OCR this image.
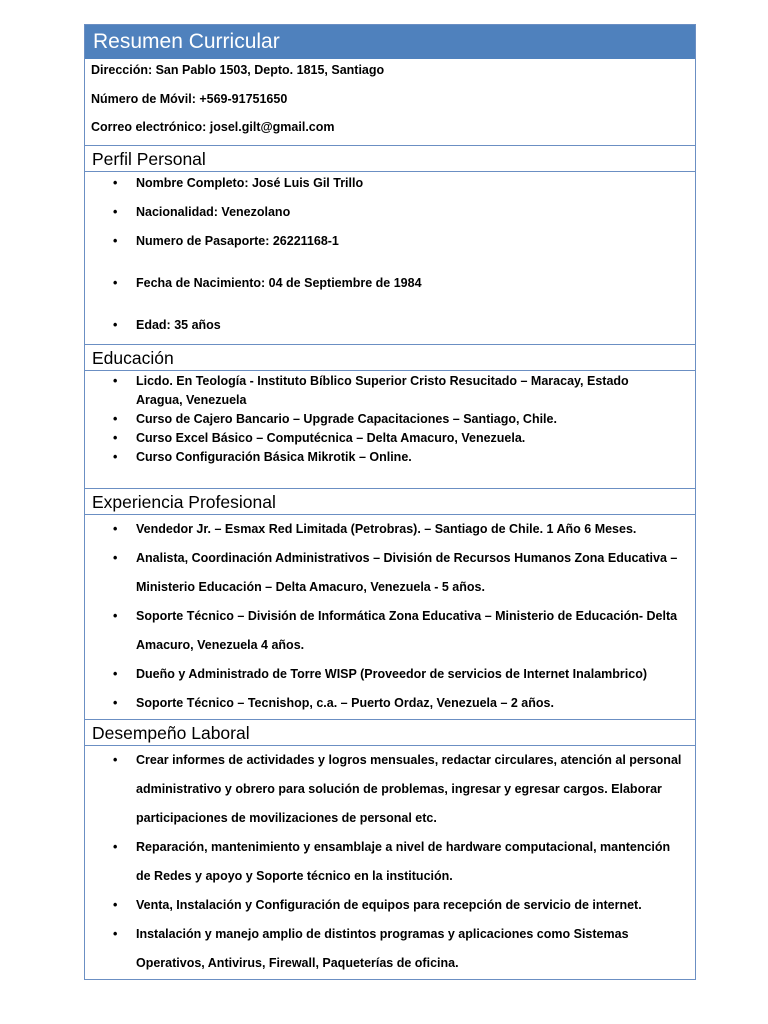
Resumen Curricular
Dirección: San Pablo 1503, Depto. 1815, Santiago
Número de Móvil: +569-91751650
Correo electrónico: josel.gilt@gmail.com
Perfil Personal
• Nombre Completo: José Luis Gil Trillo
• Nacionalidad: Venezolano
• Numero de Pasaporte: 26221168-1
• Fecha de Nacimiento: 04 de Septiembre de 1984
• Edad: 35 años
Educación
• Licdo. En Teología - Instituto Bíblico Superior Cristo Resucitado – Maracay, Estado Aragua, Venezuela
• Curso de Cajero Bancario – Upgrade Capacitaciones – Santiago, Chile.
• Curso Excel Básico – Computécnica – Delta Amacuro, Venezuela.
• Curso Configuración Básica Mikrotik – Online.
Experiencia Profesional
• Vendedor Jr. – Esmax Red Limitada (Petrobras). – Santiago de Chile. 1 Año 6 Meses.
• Analista, Coordinación Administrativos – División de Recursos Humanos Zona Educativa – Ministerio Educación – Delta Amacuro, Venezuela - 5 años.
• Soporte Técnico – División de Informática Zona Educativa – Ministerio de Educación- Delta Amacuro, Venezuela 4 años.
• Dueño y Administrado de Torre WISP (Proveedor de servicios de Internet Inalambrico)
• Soporte Técnico – Tecnishop, c.a. – Puerto Ordaz, Venezuela – 2 años.
Desempeño Laboral
• Crear informes de actividades y logros mensuales, redactar circulares, atención al personal administrativo y obrero para solución de problemas, ingresar y egresar cargos. Elaborar participaciones de movilizaciones de personal etc.
• Reparación, mantenimiento y ensamblaje a nivel de hardware computacional, mantención de Redes y apoyo y Soporte técnico en la institución.
• Venta, Instalación y Configuración de equipos para recepción de servicio de internet.
• Instalación y manejo amplio de distintos programas y aplicaciones como Sistemas Operativos, Antivirus, Firewall, Paqueterías de oficina.
